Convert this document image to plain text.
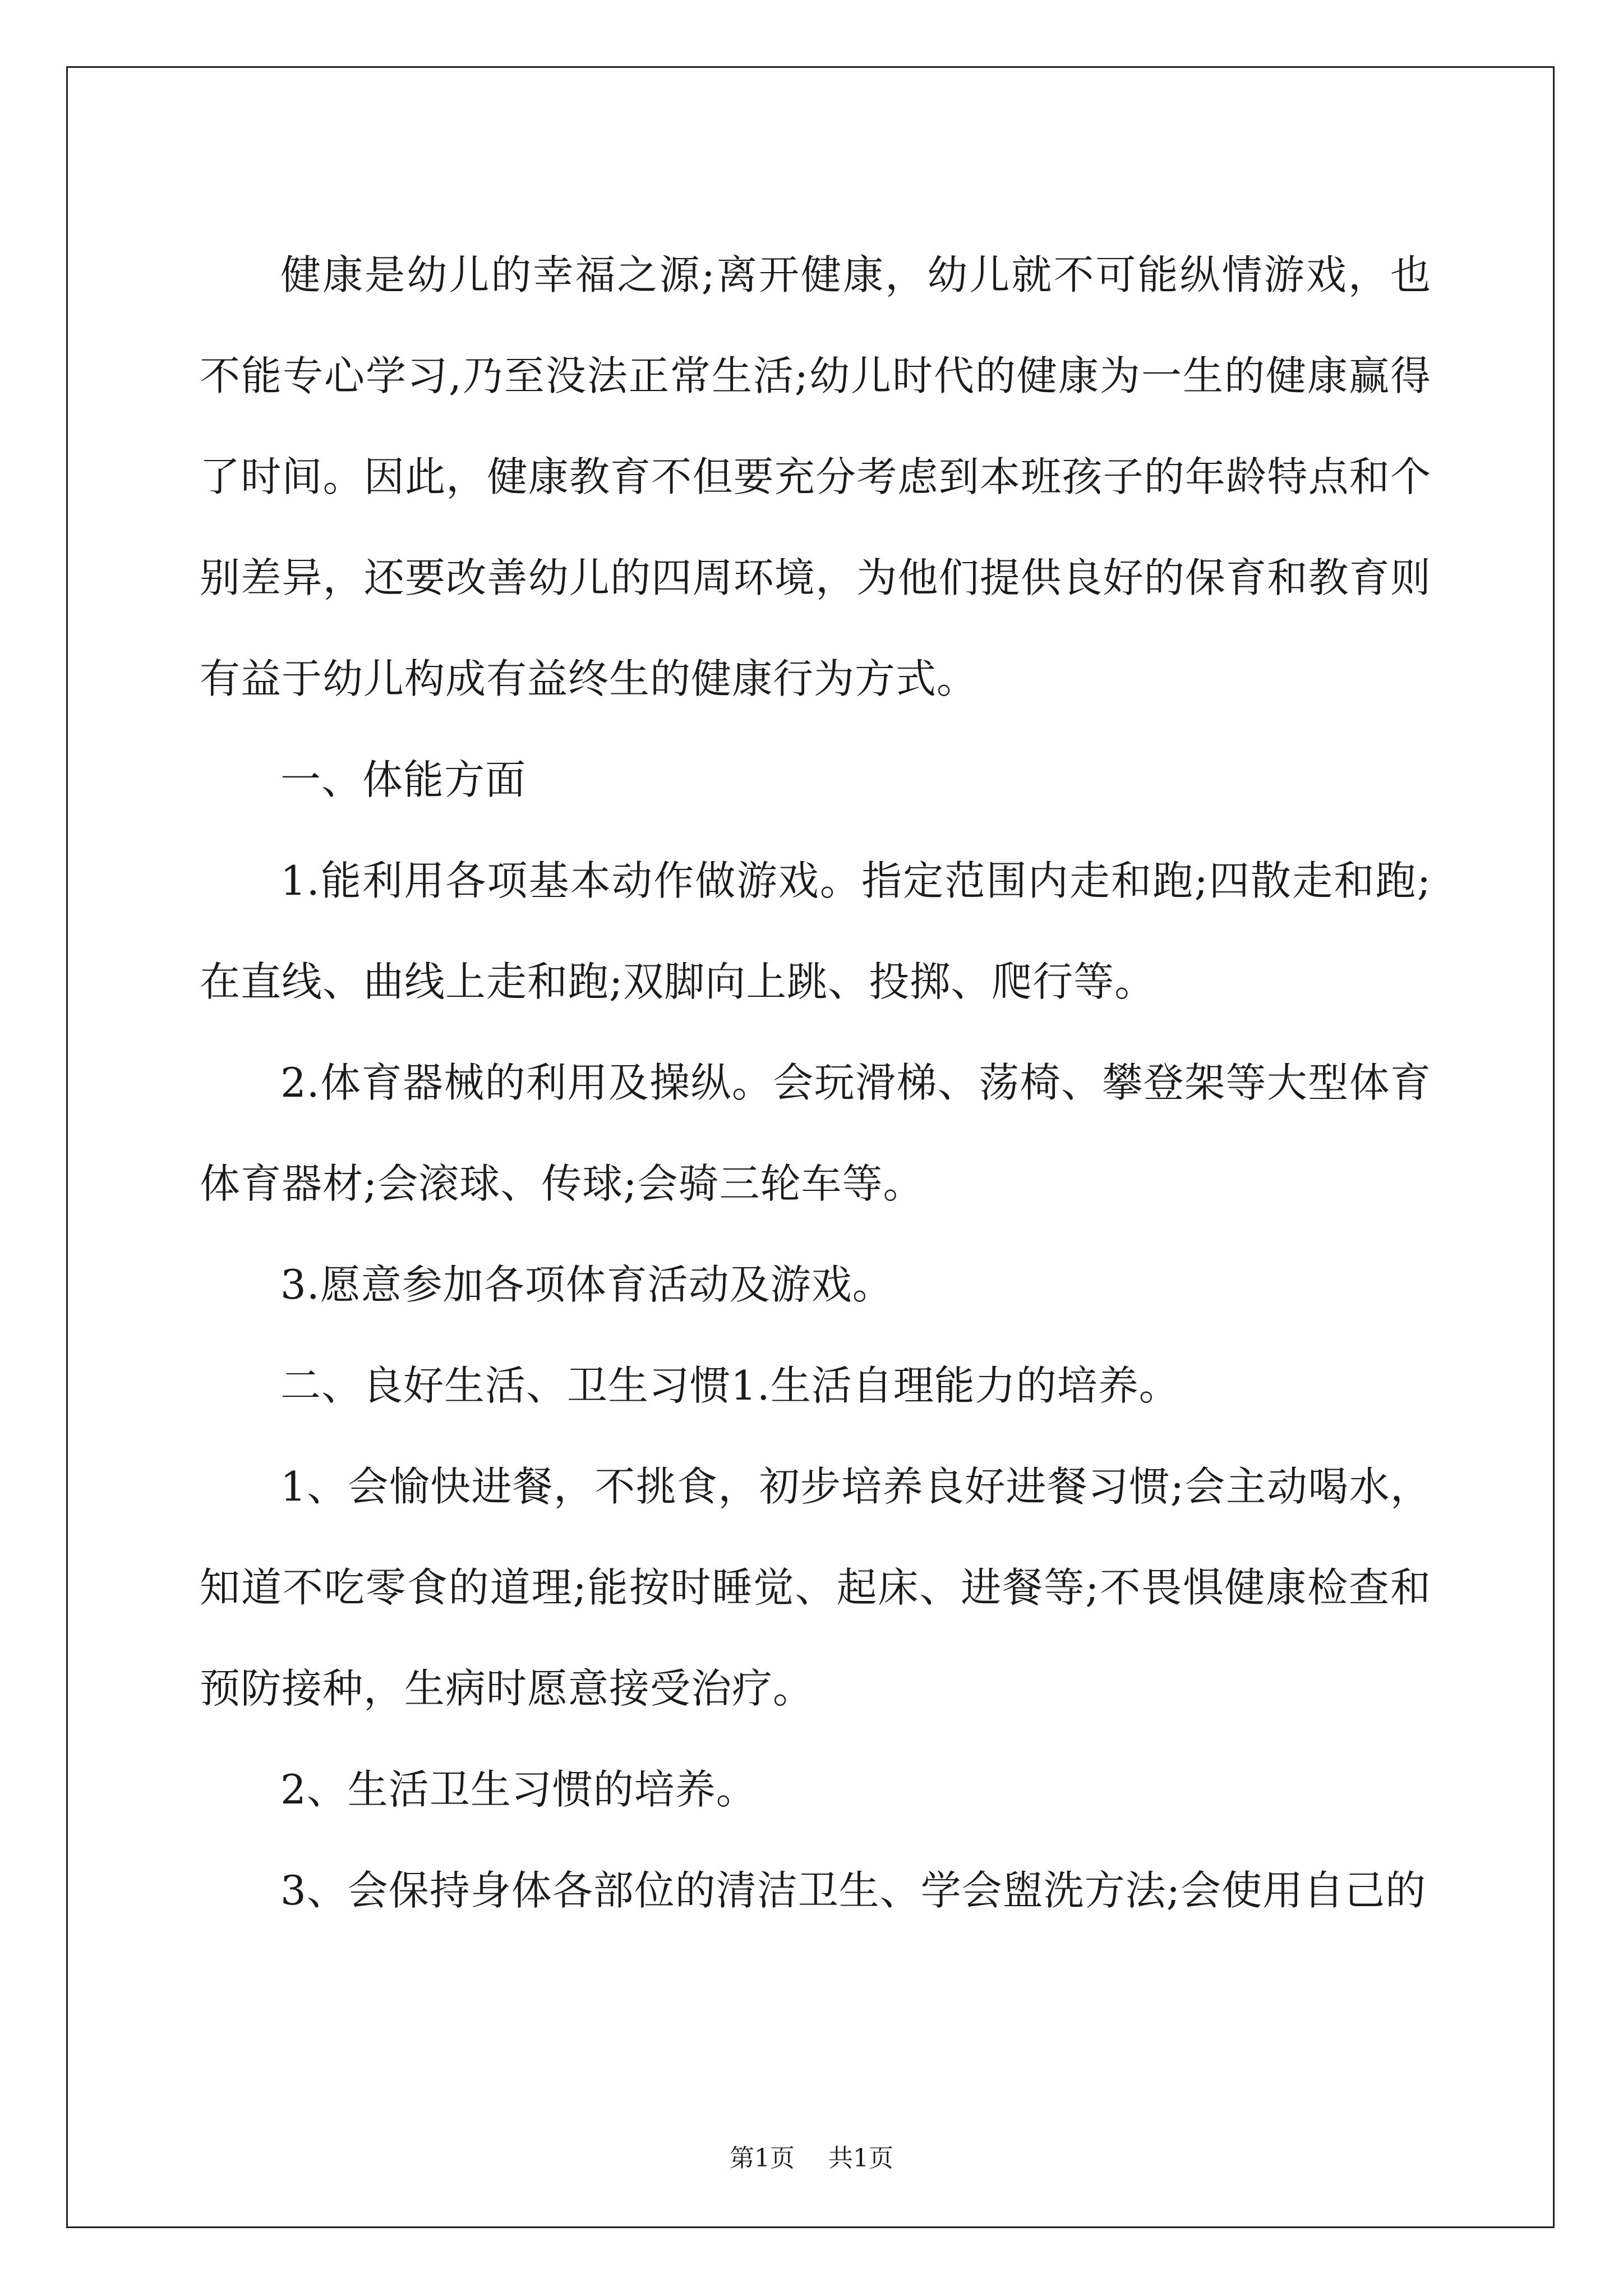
健康是幼儿的幸福之源;离开健康，幼儿就不可能纵情游戏，也不能专心学习,乃至没法正常生活;幼儿时代的健康为一生的健康赢得了时间。因此，健康教育不但要充分考虑到本班孩子的年龄特点和个别差异，还要改善幼儿的四周环境，为他们提供良好的保育和教育则有益于幼儿构成有益终生的健康行为方式。

一、体能方面

1.能利用各项基本动作做游戏。指定范围内走和跑;四散走和跑;在直线、曲线上走和跑;双脚向上跳、投掷、爬行等。

2.体育器械的利用及操纵。会玩滑梯、荡椅、攀登架等大型体育体育器材;会滚球、传球;会骑三轮车等。

3.愿意参加各项体育活动及游戏。

二、良好生活、卫生习惯1.生活自理能力的培养。

1、会愉快进餐，不挑食，初步培养良好进餐习惯;会主动喝水，知道不吃零食的道理;能按时睡觉、起床、进餐等;不畏惧健康检查和预防接种，生病时愿意接受治疗。

2、生活卫生习惯的培养。

3、会保持身体各部位的清洁卫生、学会盥洗方法;会使用自己的

第1页 共1页
